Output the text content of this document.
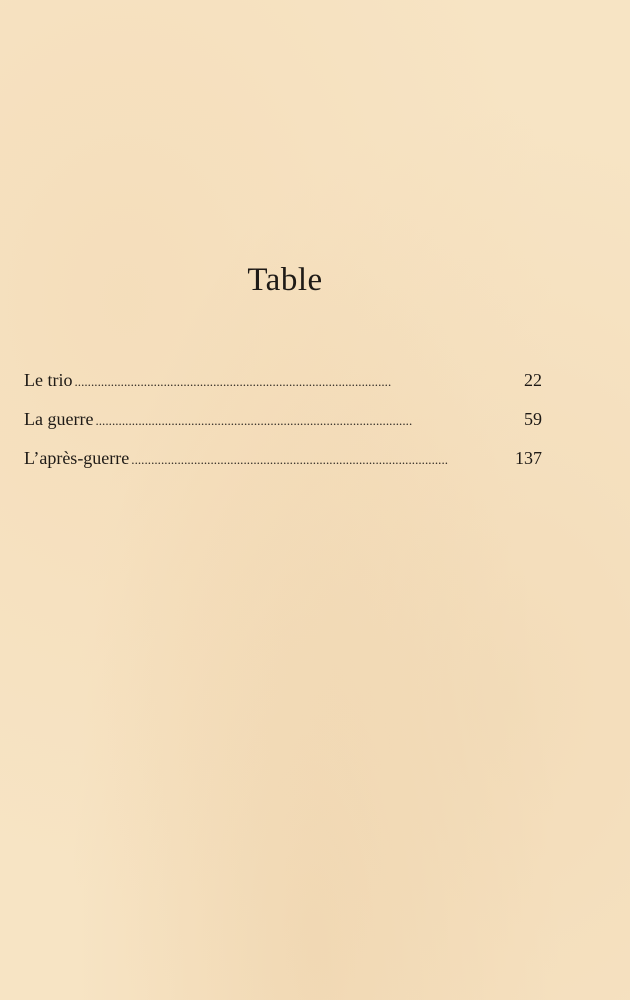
Table
Le trio . . .	22
La guerre . . .	59
L’après-guerre . . .	137
